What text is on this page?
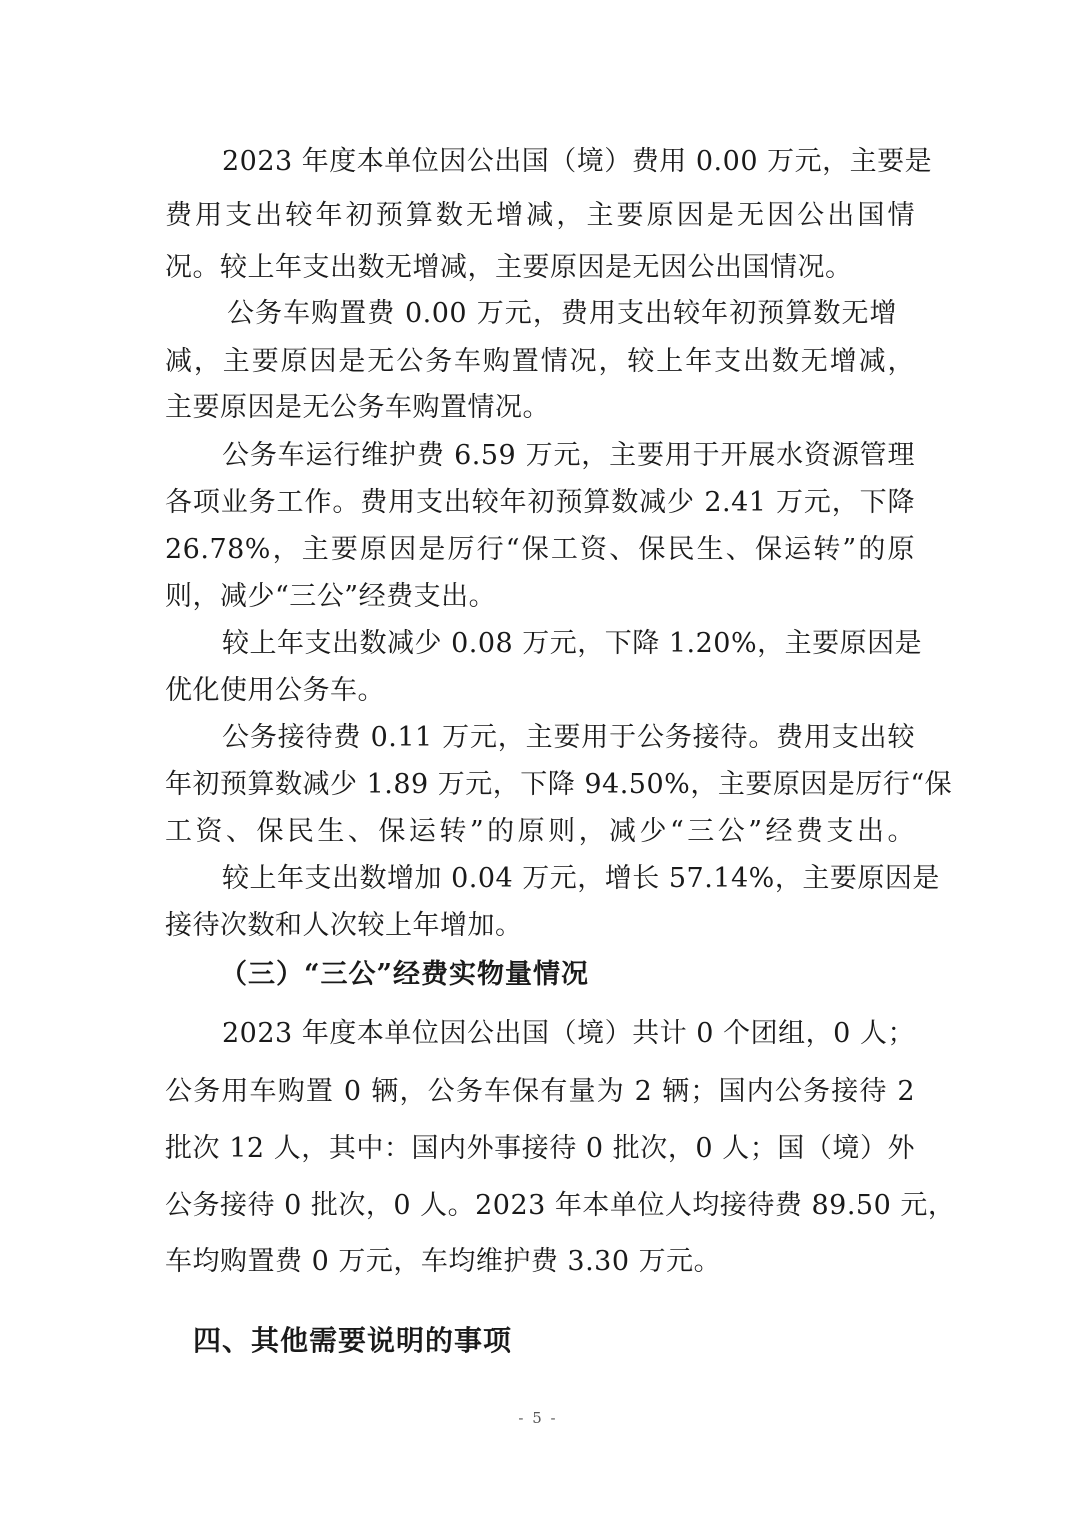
2023 年度本单位因公出国（境）费用 0.00 万元，主要是
费用支出较年初预算数无增减，主要原因是无因公出国情
况。较上年支出数无增减，主要原因是无因公出国情况。
公务车购置费 0.00 万元，费用支出较年初预算数无增
减，主要原因是无公务车购置情况，较上年支出数无增减，
主要原因是无公务车购置情况。
公务车运行维护费 6.59 万元，主要用于开展水资源管理
各项业务工作。费用支出较年初预算数减少 2.41 万元，下降
26.78%，主要原因是厉行“保工资、保民生、保运转”的原
则，减少“三公”经费支出。
较上年支出数减少 0.08 万元，下降 1.20%，主要原因是
优化使用公务车。
公务接待费 0.11 万元，主要用于公务接待。费用支出较
年初预算数减少 1.89 万元，下降 94.50%，主要原因是厉行“保
工资、保民生、保运转”的原则，减少“三公”经费支出。
较上年支出数增加 0.04 万元，增长 57.14%，主要原因是
接待次数和人次较上年增加。
（三）“三公”经费实物量情况
2023 年度本单位因公出国（境）共计 0 个团组，0 人；
公务用车购置 0 辆，公务车保有量为 2 辆；国内公务接待 2
批次 12 人，其中：国内外事接待 0 批次，0 人；国（境）外
公务接待 0 批次，0 人。2023 年本单位人均接待费 89.50 元，
车均购置费 0 万元，车均维护费 3.30 万元。
四、其他需要说明的事项
- 5 -
